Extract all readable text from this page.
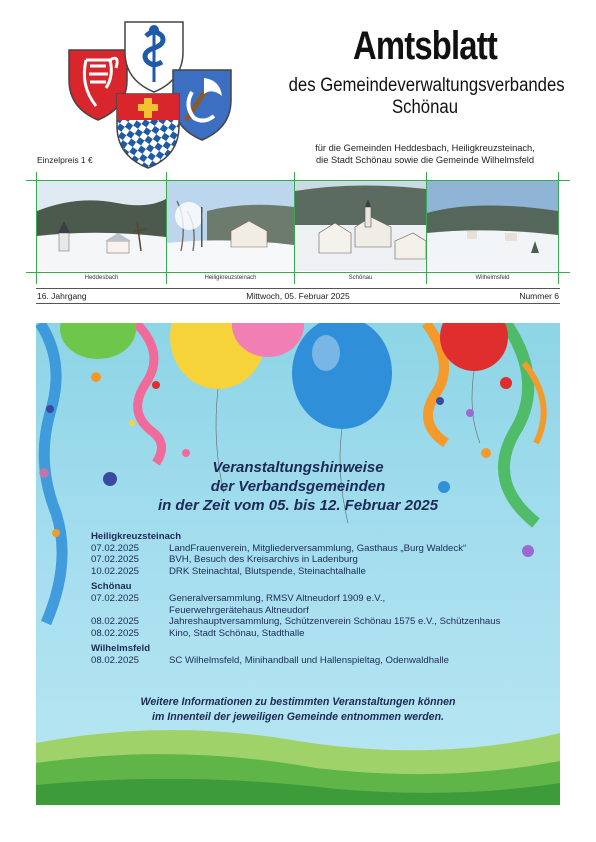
Amtsblatt
des Gemeindeverwaltungsverbandes
Schönau
für die Gemeinden Heddesbach, Heiligkreuzsteinach,
die Stadt Schönau sowie die Gemeinde Wilhelmsfeld
Einzelpreis 1 €
Heddesbach	Heiligkreuzsteinach	Schönau	Wilhelmsfeld
16. Jahrgang	Mittwoch, 05. Februar 2025	Nummer 6
Veranstaltungshinweise
der Verbandsgemeinden
in der Zeit vom 05. bis 12. Februar 2025
Heiligkreuzsteinach
07.02.2025	LandFrauenverein, Mitgliederversammlung, Gasthaus „Burg Waldeck“
07.02.2025	BVH, Besuch des Kreisarchivs in Ladenburg
10.02.2025	DRK Steinachtal, Blutspende, Steinachtalhalle
Schönau
07.02.2025	Generalversammlung, RMSV Altneudorf 1909 e.V.,
Feuerwehrgerätehaus Altneudorf
08.02.2025	Jahreshauptversammlung, Schützenverein Schönau 1575 e.V., Schützenhaus
08.02.2025	Kino, Stadt Schönau, Stadthalle
Wilhelmsfeld
08.02.2025	SC Wilhelmsfeld, Minihandball und Hallenspieltag, Odenwaldhalle
Weitere Informationen zu bestimmten Veranstaltungen können
im Innenteil der jeweiligen Gemeinde entnommen werden.
